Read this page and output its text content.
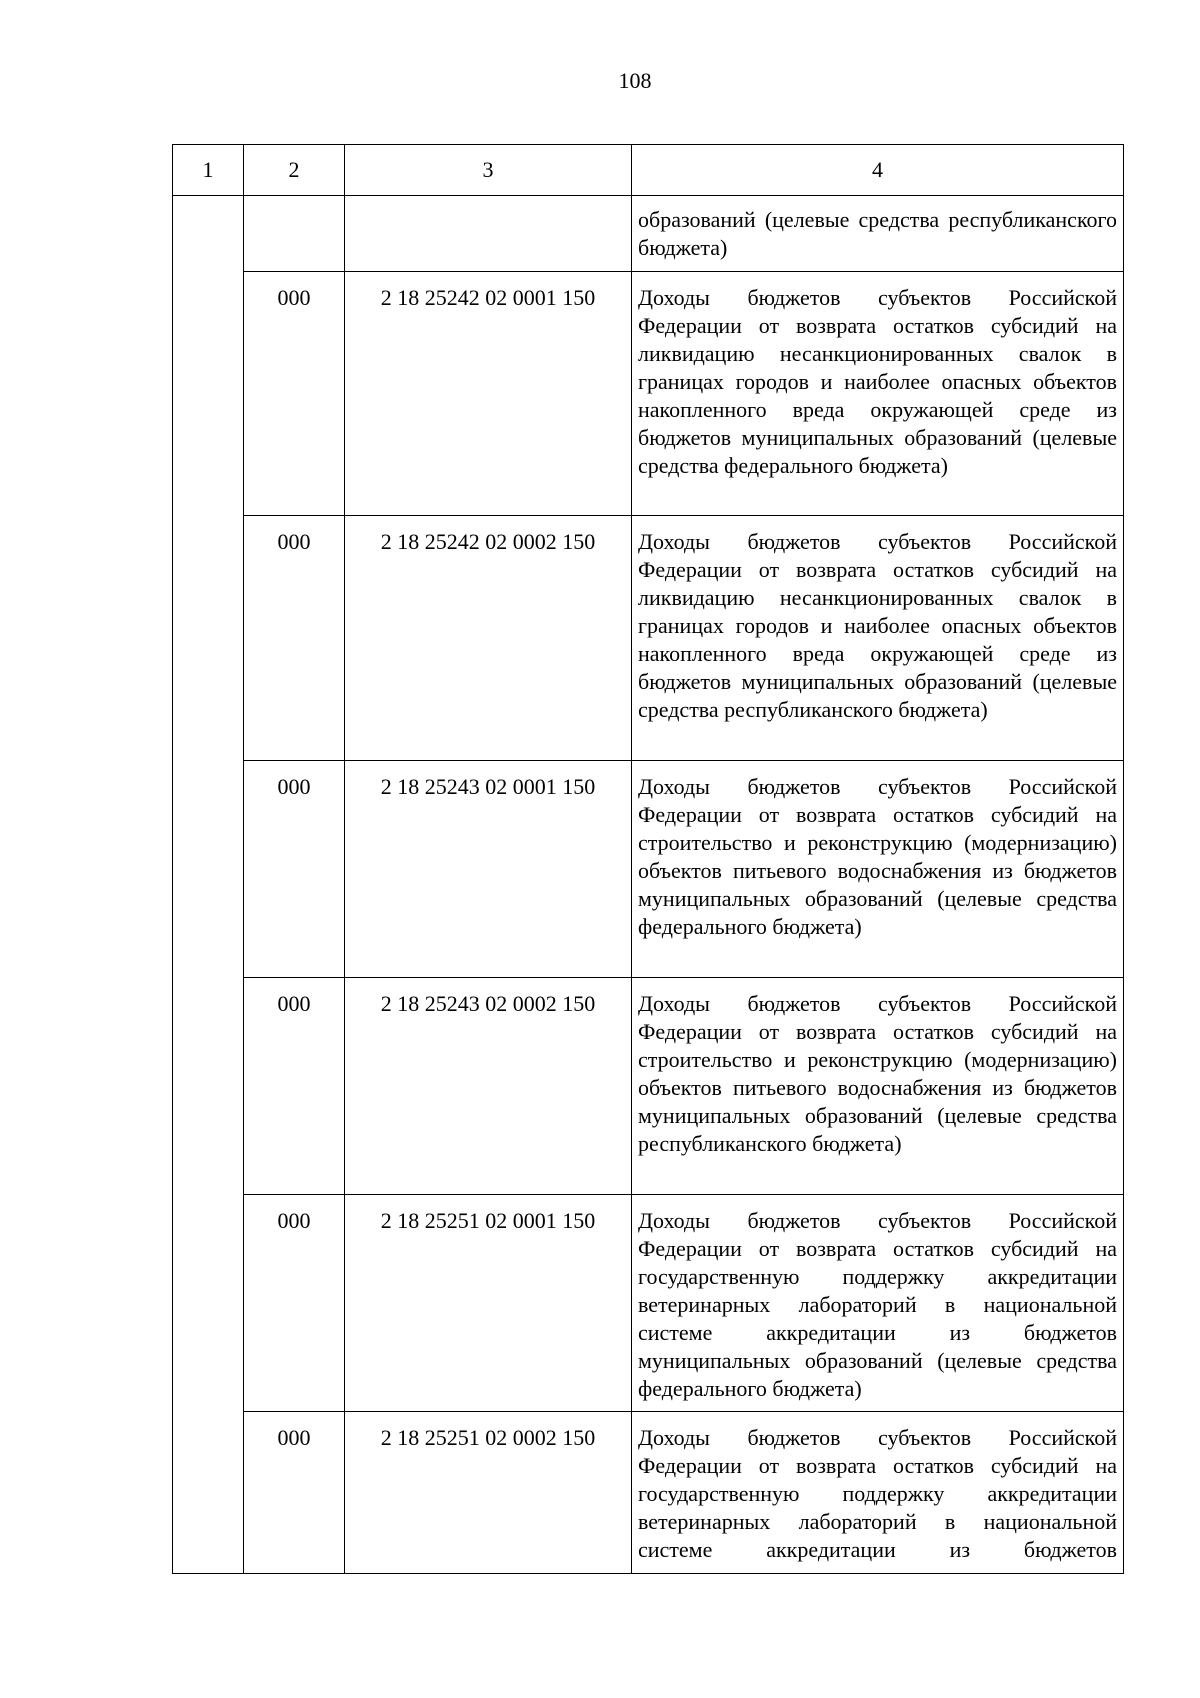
108
1	2	3	4
			образований (целевые средства республиканского бюджета)
	000	2 18 25242 02 0001 150	Доходы бюджетов субъектов Российской Федерации от возврата остатков субсидий на ликвидацию несанкционированных свалок в границах городов и наиболее опасных объектов накопленного вреда окружающей среде из бюджетов муниципальных образований (целевые средства федерального бюджета)
	000	2 18 25242 02 0002 150	Доходы бюджетов субъектов Российской Федерации от возврата остатков субсидий на ликвидацию несанкционированных свалок в границах городов и наиболее опасных объектов накопленного вреда окружающей среде из бюджетов муниципальных образований (целевые средства республиканского бюджета)
	000	2 18 25243 02 0001 150	Доходы бюджетов субъектов Российской Федерации от возврата остатков субсидий на строительство и реконструкцию (модернизацию) объектов питьевого водоснабжения из бюджетов муниципальных образований (целевые средства федерального бюджета)
	000	2 18 25243 02 0002 150	Доходы бюджетов субъектов Российской Федерации от возврата остатков субсидий на строительство и реконструкцию (модернизацию) объектов питьевого водоснабжения из бюджетов муниципальных образований (целевые средства республиканского бюджета)
	000	2 18 25251 02 0001 150	Доходы бюджетов субъектов Российской Федерации от возврата остатков субсидий на государственную поддержку аккредитации ветеринарных лабораторий в национальной системе аккредитации из бюджетов муниципальных образований (целевые средства федерального бюджета)
	000	2 18 25251 02 0002 150	Доходы бюджетов субъектов Российской Федерации от возврата остатков субсидий на государственную поддержку аккредитации ветеринарных лабораторий в национальной системе аккредитации из бюджетов
